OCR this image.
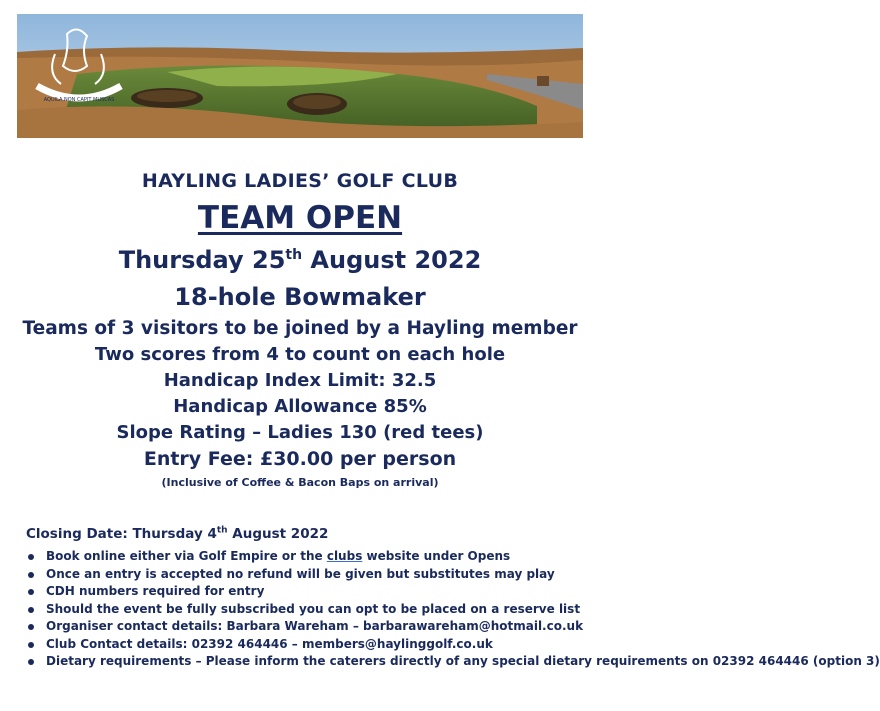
AQUILA NON CAPIT MUSCAS
HAYLING LADIES’ GOLF CLUB
TEAM OPEN
Thursday 25th August 2022
18-hole Bowmaker
Teams of 3 visitors to be joined by a Hayling member
Two scores from 4 to count on each hole
Handicap Index Limit: 32.5
Handicap Allowance 85%
Slope Rating – Ladies 130 (red tees)
Entry Fee: £30.00 per person
(Inclusive of Coffee & Bacon Baps on arrival)
Closing Date: Thursday 4th August 2022
Book online either via Golf Empire or the clubs website under Opens
Once an entry is accepted no refund will be given but substitutes may play
CDH numbers required for entry
Should the event be fully subscribed you can opt to be placed on a reserve list
Organiser contact details: Barbara Wareham – barbarawareham@hotmail.co.uk
Club Contact details: 02392 464446 – members@haylinggolf.co.uk
Dietary requirements – Please inform the caterers directly of any special dietary requirements on 02392 464446 (option 3)
